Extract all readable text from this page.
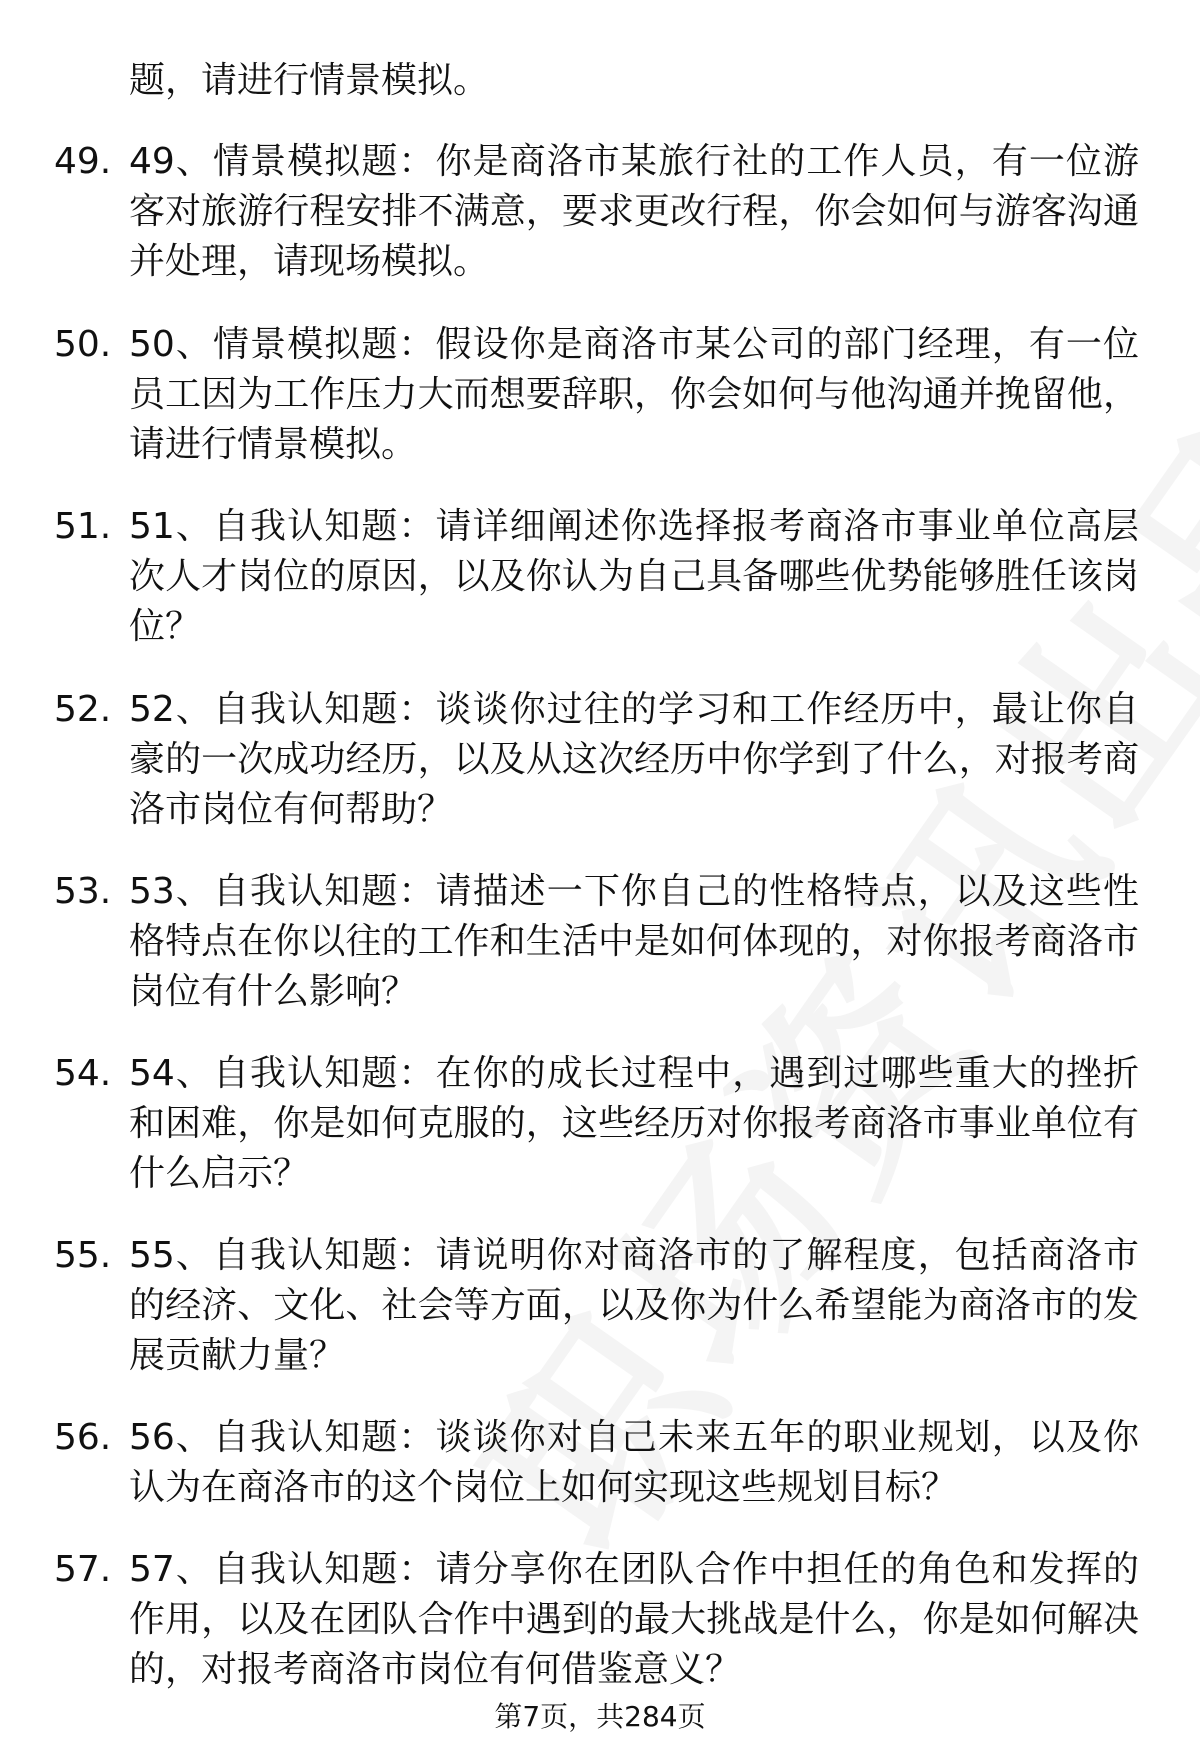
题，请进行情景模拟。
49. 49、情景模拟题：你是商洛市某旅行社的工作人员，有一位游客对旅游行程安排不满意，要求更改行程，你会如何与游客沟通并处理，请现场模拟。
50. 50、情景模拟题：假设你是商洛市某公司的部门经理，有一位员工因为工作压力大而想要辞职，你会如何与他沟通并挽留他，请进行情景模拟。
51. 51、自我认知题：请详细阐述你选择报考商洛市事业单位高层次人才岗位的原因，以及你认为自己具备哪些优势能够胜任该岗位？
52. 52、自我认知题：谈谈你过往的学习和工作经历中，最让你自豪的一次成功经历，以及从这次经历中你学到了什么，对报考商洛市岗位有何帮助？
53. 53、自我认知题：请描述一下你自己的性格特点，以及这些性格特点在你以往的工作和生活中是如何体现的，对你报考商洛市岗位有什么影响？
54. 54、自我认知题：在你的成长过程中，遇到过哪些重大的挫折和困难，你是如何克服的，这些经历对你报考商洛市事业单位有什么启示？
55. 55、自我认知题：请说明你对商洛市的了解程度，包括商洛市的经济、文化、社会等方面，以及你为什么希望能为商洛市的发展贡献力量？
56. 56、自我认知题：谈谈你对自己未来五年的职业规划，以及你认为在商洛市的这个岗位上如何实现这些规划目标？
57. 57、自我认知题：请分享你在团队合作中担任的角色和发挥的作用，以及在团队合作中遇到的最大挑战是什么，你是如何解决的，对报考商洛市岗位有何借鉴意义？
第7页，共284页
